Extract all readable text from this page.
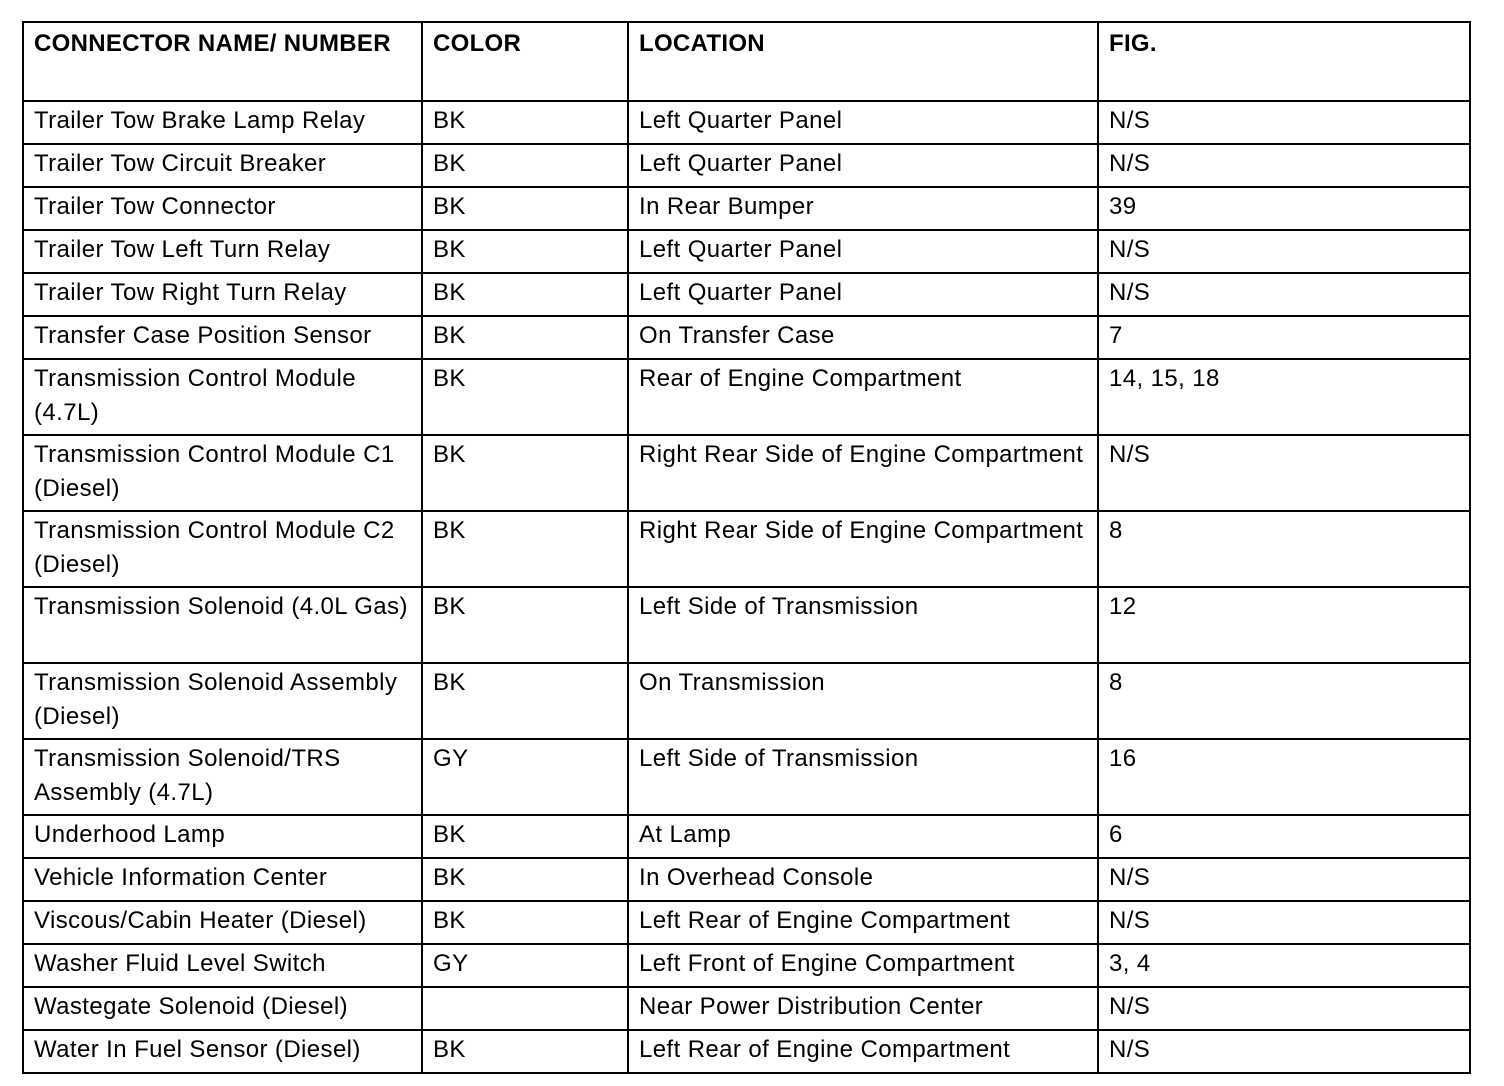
CONNECTOR NAME/ NUMBER	COLOR	LOCATION	FIG.
Trailer Tow Brake Lamp Relay	BK	Left Quarter Panel	N/S
Trailer Tow Circuit Breaker	BK	Left Quarter Panel	N/S
Trailer Tow Connector	BK	In Rear Bumper	39
Trailer Tow Left Turn Relay	BK	Left Quarter Panel	N/S
Trailer Tow Right Turn Relay	BK	Left Quarter Panel	N/S
Transfer Case Position Sensor	BK	On Transfer Case	7
Transmission Control Module (4.7L)	BK	Rear of Engine Compartment	14, 15, 18
Transmission Control Module C1 (Diesel)	BK	Right Rear Side of Engine Compartment	N/S
Transmission Control Module C2 (Diesel)	BK	Right Rear Side of Engine Compartment	8
Transmission Solenoid (4.0L Gas)	BK	Left Side of Transmission	12
Transmission Solenoid Assembly (Diesel)	BK	On Transmission	8
Transmission Solenoid/TRS Assembly (4.7L)	GY	Left Side of Transmission	16
Underhood Lamp	BK	At Lamp	6
Vehicle Information Center	BK	In Overhead Console	N/S
Viscous/Cabin Heater (Diesel)	BK	Left Rear of Engine Compartment	N/S
Washer Fluid Level Switch	GY	Left Front of Engine Compartment	3, 4
Wastegate Solenoid (Diesel)		Near Power Distribution Center	N/S
Water In Fuel Sensor (Diesel)	BK	Left Rear of Engine Compartment	N/S
